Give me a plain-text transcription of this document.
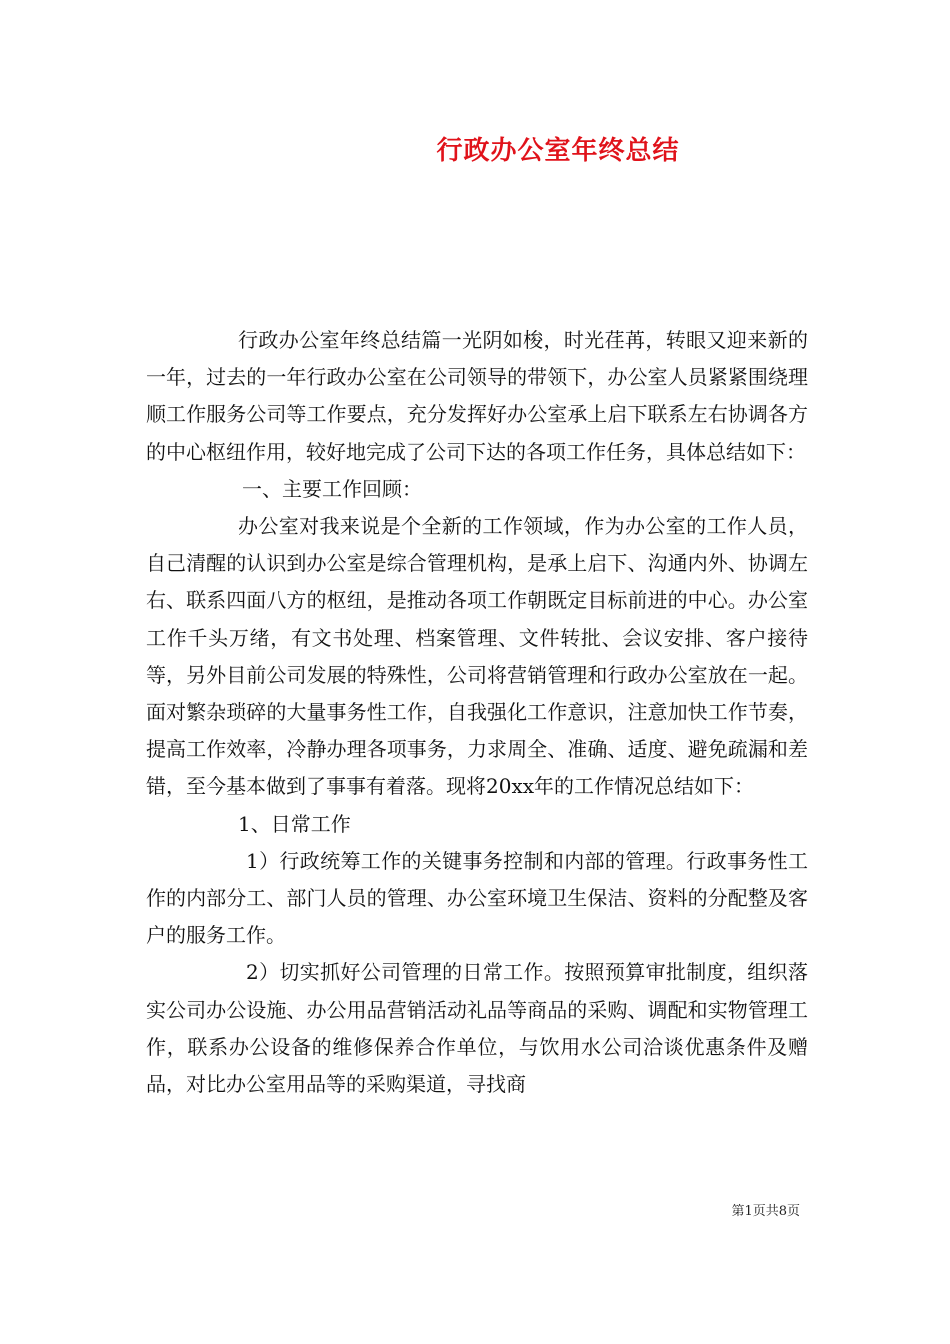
行政办公室年终总结

行政办公室年终总结篇一光阴如梭，时光荏苒，转眼又迎来新的一年，过去的一年行政办公室在公司领导的带领下，办公室人员紧紧围绕理顺工作服务公司等工作要点，充分发挥好办公室承上启下联系左右协调各方的中心枢纽作用，较好地完成了公司下达的各项工作任务，具体总结如下：

一、主要工作回顾：

办公室对我来说是个全新的工作领域，作为办公室的工作人员，自己清醒的认识到办公室是综合管理机构，是承上启下、沟通内外、协调左右、联系四面八方的枢纽，是推动各项工作朝既定目标前进的中心。办公室工作千头万绪，有文书处理、档案管理、文件转批、会议安排、客户接待等，另外目前公司发展的特殊性，公司将营销管理和行政办公室放在一起。面对繁杂琐碎的大量事务性工作，自我强化工作意识，注意加快工作节奏，提高工作效率，冷静办理各项事务，力求周全、准确、适度、避免疏漏和差错，至今基本做到了事事有着落。现将20xx年的工作情况总结如下：

1、日常工作

1）行政统筹工作的关键事务控制和内部的管理。行政事务性工作的内部分工、部门人员的管理、办公室环境卫生保洁、资料的分配整及客户的服务工作。

2）切实抓好公司管理的日常工作。按照预算审批制度，组织落实公司办公设施、办公用品营销活动礼品等商品的采购、调配和实物管理工作，联系办公设备的维修保养合作单位，与饮用水公司洽谈优惠条件及赠品，对比办公室用品等的采购渠道，寻找商

第1页共8页
